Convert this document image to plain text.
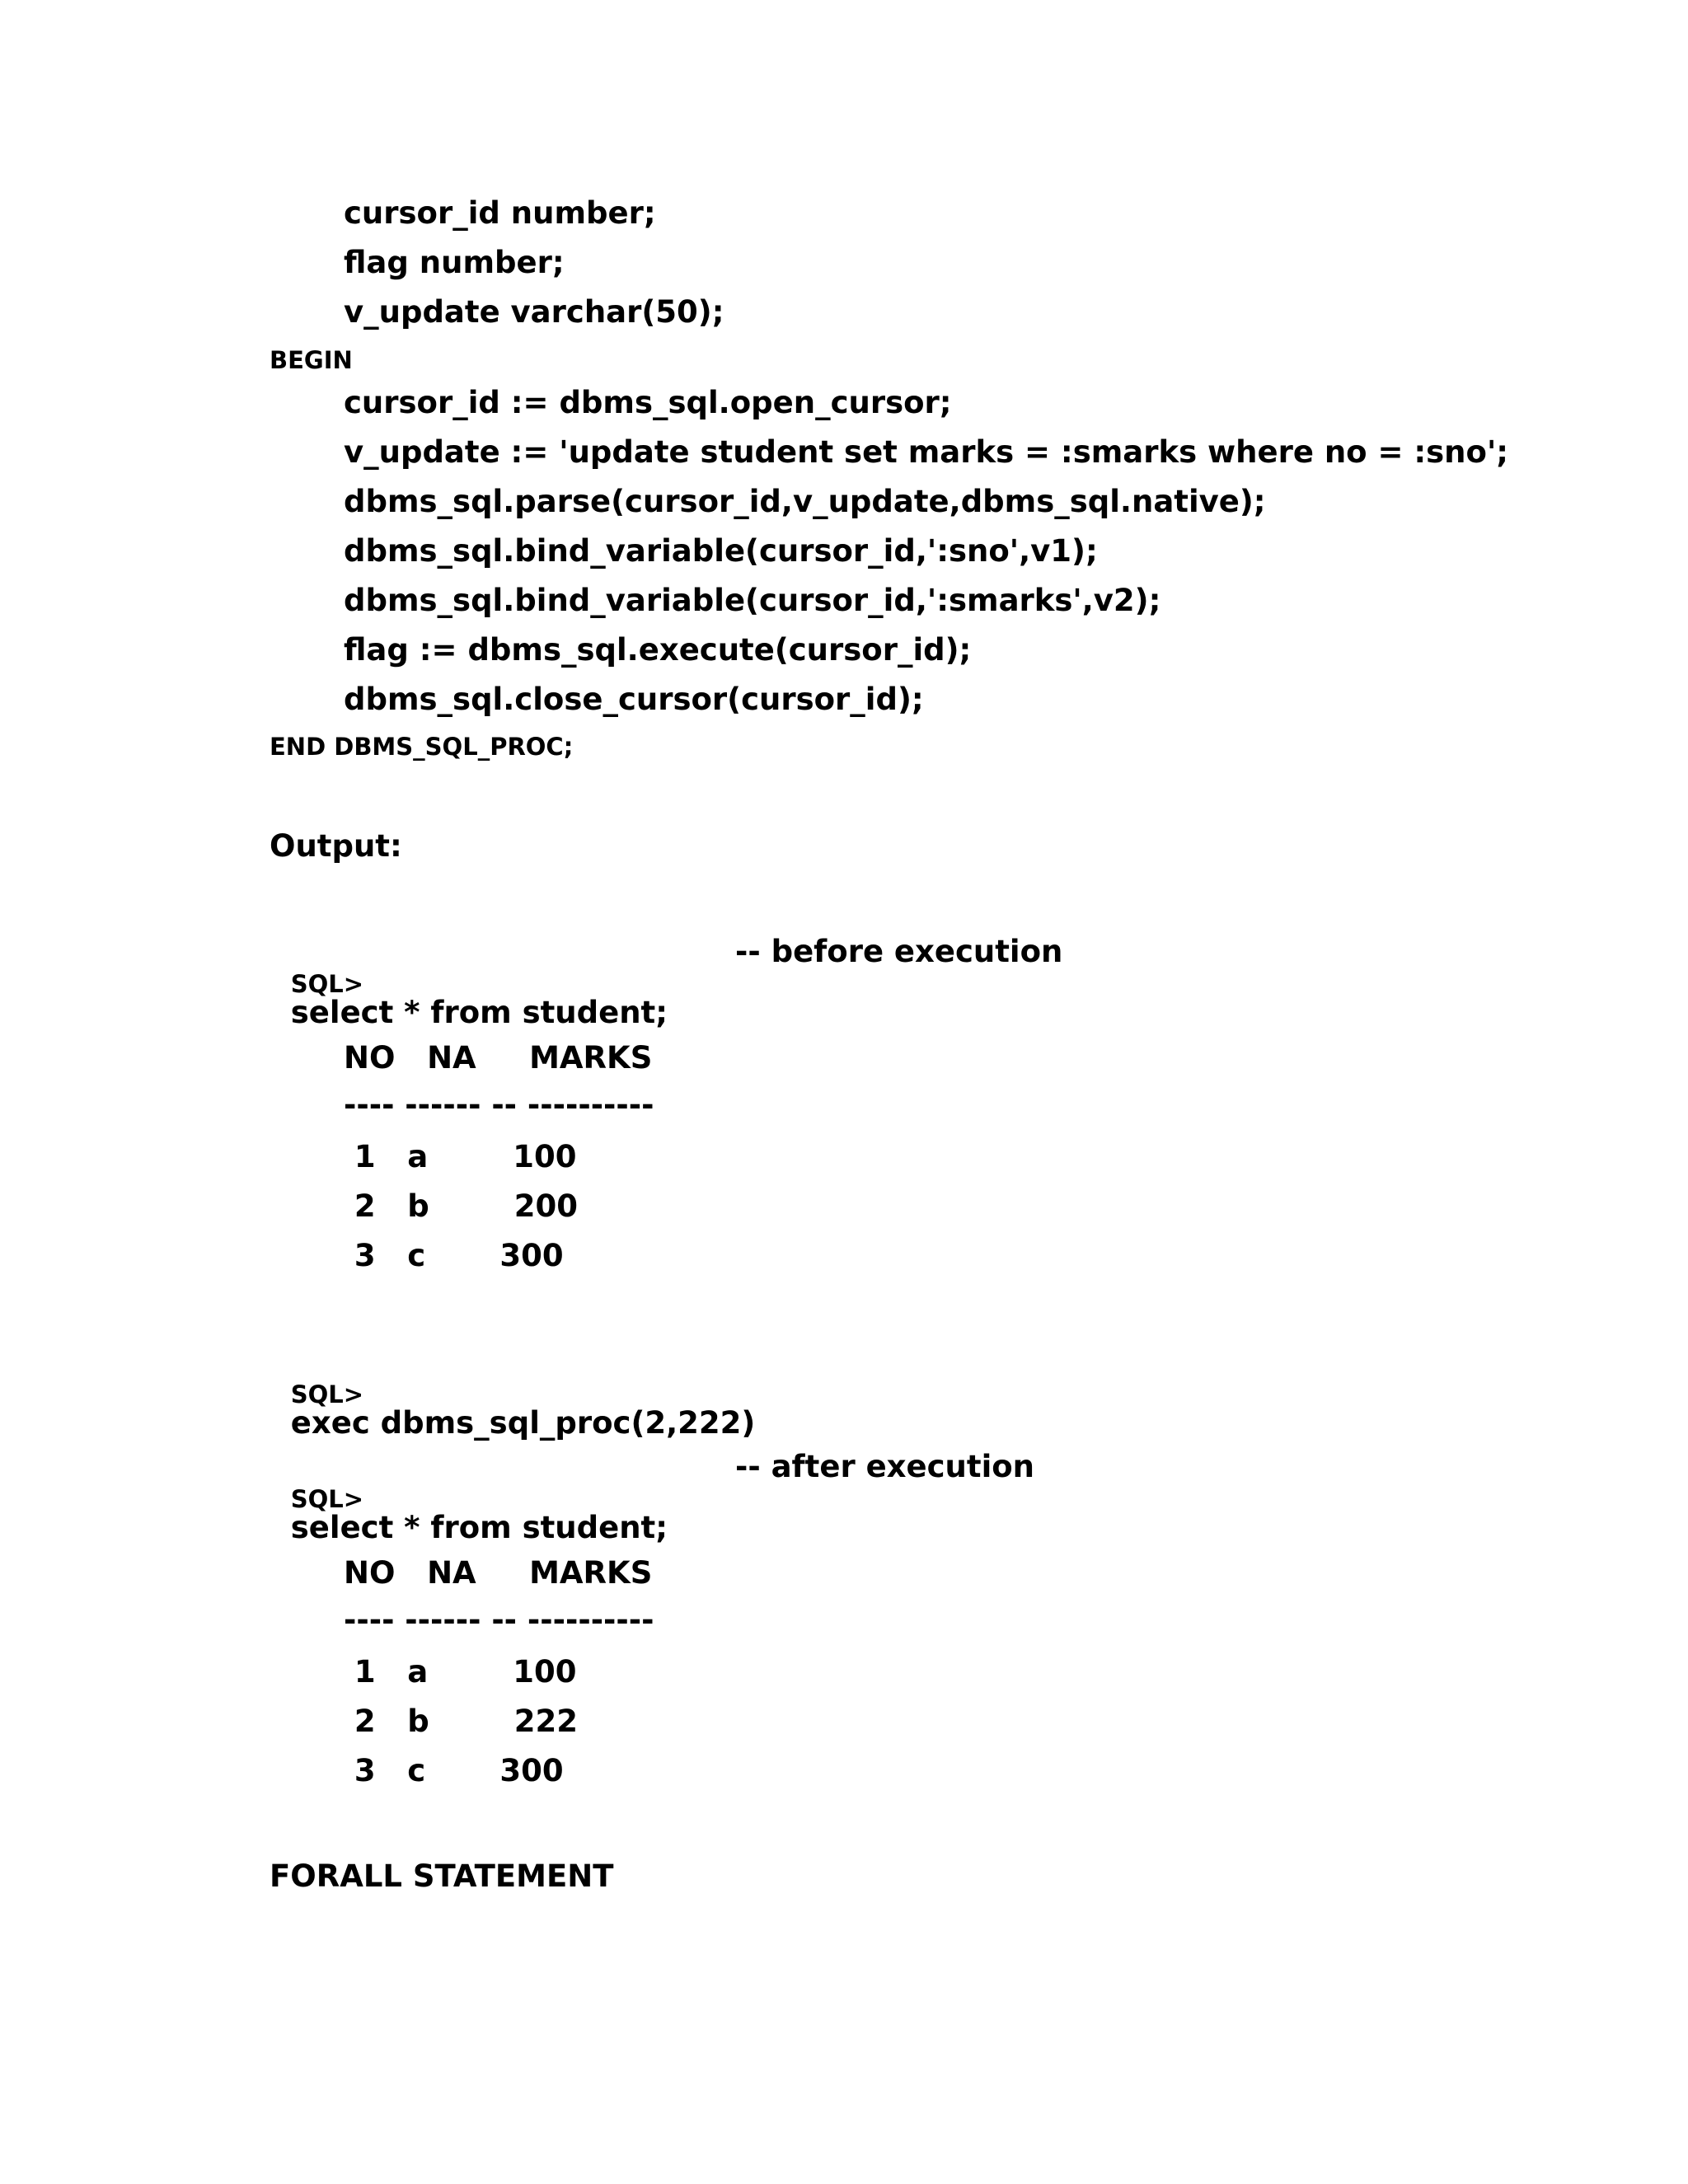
cursor_id number;
flag number;
v_update varchar(50);
BEGIN
cursor_id := dbms_sql.open_cursor;
v_update := 'update student set marks = :smarks where no = :sno';
dbms_sql.parse(cursor_id,v_update,dbms_sql.native);
dbms_sql.bind_variable(cursor_id,':sno',v1);
dbms_sql.bind_variable(cursor_id,':smarks',v2);
flag := dbms_sql.execute(cursor_id);
dbms_sql.close_cursor(cursor_id);
END DBMS_SQL_PROC;
Output:

SQL>
select * from student;

-- before execution
NO   NA     MARKS
---- ------ -- ----------
1   a        100
2   b        200
3   c       300

SQL>
exec dbms_sql_proc(2,222)

SQL>
select * from student;

-- after execution
NO   NA     MARKS
---- ------ -- ----------
1   a        100
2   b        222
3   c       300
FORALL STATEMENT
